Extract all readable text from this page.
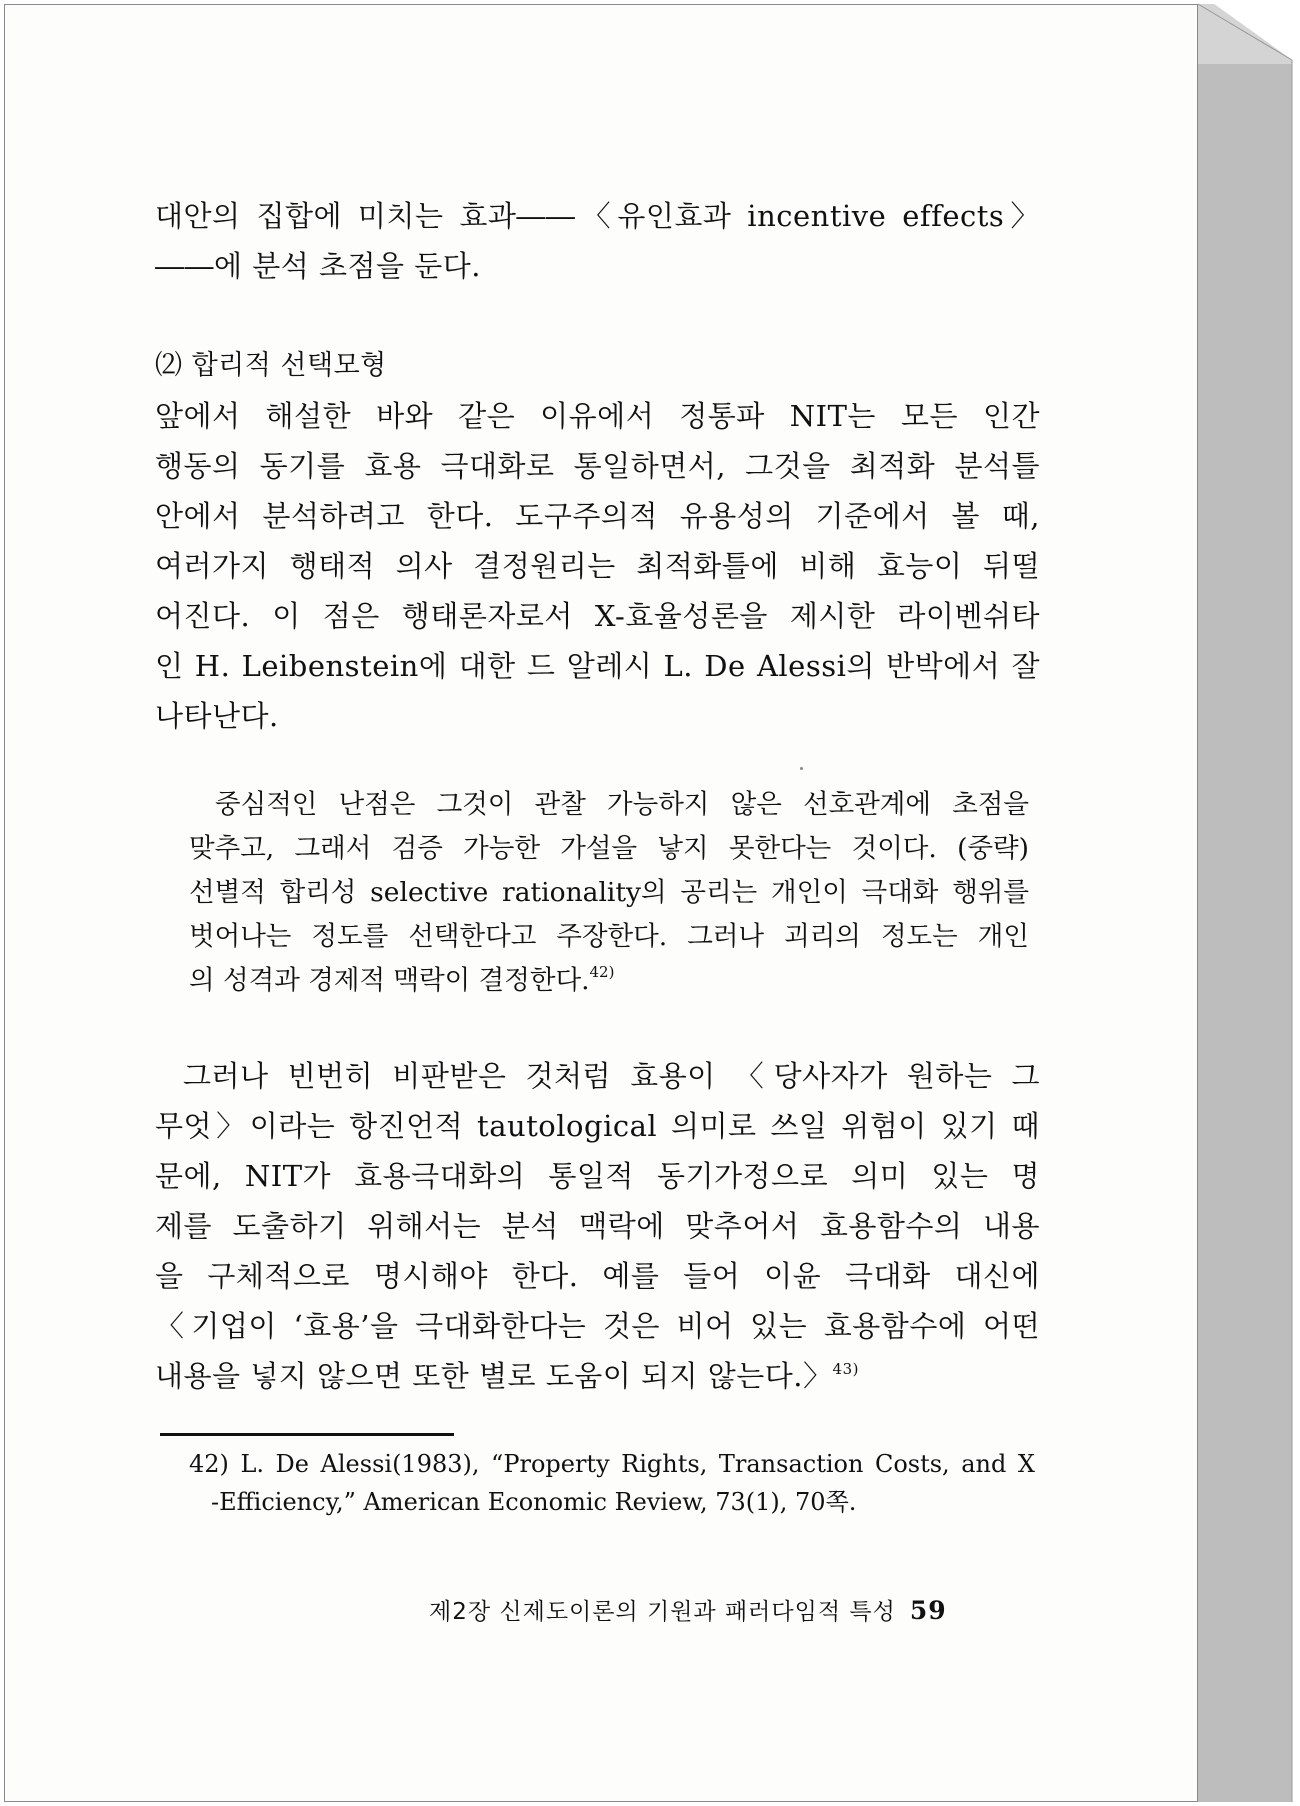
대안의 집합에 미치는 효과――〈유인효과 incentive effects〉
――에 분석 초점을 둔다.
⑵ 합리적 선택모형
앞에서 해설한 바와 같은 이유에서 정통파 NIT는 모든 인간
행동의 동기를 효용 극대화로 통일하면서, 그것을 최적화 분석틀
안에서 분석하려고 한다. 도구주의적 유용성의 기준에서 볼 때,
여러가지 행태적 의사 결정원리는 최적화틀에 비해 효능이 뒤떨
어진다. 이 점은 행태론자로서 X-효율성론을 제시한 라이벤쉬타
인 H. Leibenstein에 대한 드 알레시 L. De Alessi의 반박에서 잘
나타난다.
중심적인 난점은 그것이 관찰 가능하지 않은 선호관계에 초점을
맞추고, 그래서 검증 가능한 가설을 낳지 못한다는 것이다. (중략)
선별적 합리성 selective rationality의 공리는 개인이 극대화 행위를
벗어나는 정도를 선택한다고 주장한다. 그러나 괴리의 정도는 개인
의 성격과 경제적 맥락이 결정한다.$^{42)}$
그러나 빈번히 비판받은 것처럼 효용이 〈당사자가 원하는 그
무엇〉이라는 항진언적 tautological 의미로 쓰일 위험이 있기 때
문에, NIT가 효용극대화의 통일적 동기가정으로 의미 있는 명
제를 도출하기 위해서는 분석 맥락에 맞추어서 효용함수의 내용
을 구체적으로 명시해야 한다. 예를 들어 이윤 극대화 대신에
〈기업이 ‘효용’을 극대화한다는 것은 비어 있는 효용함수에 어떤
내용을 넣지 않으면 또한 별로 도움이 되지 않는다.〉$^{43)}$
42) L. De Alessi(1983), “Property Rights, Transaction Costs, and X
-Efficiency,” American Economic Review, 73(1), 70쪽.
제2장 신제도이론의 기원과 패러다임적 특성 59
